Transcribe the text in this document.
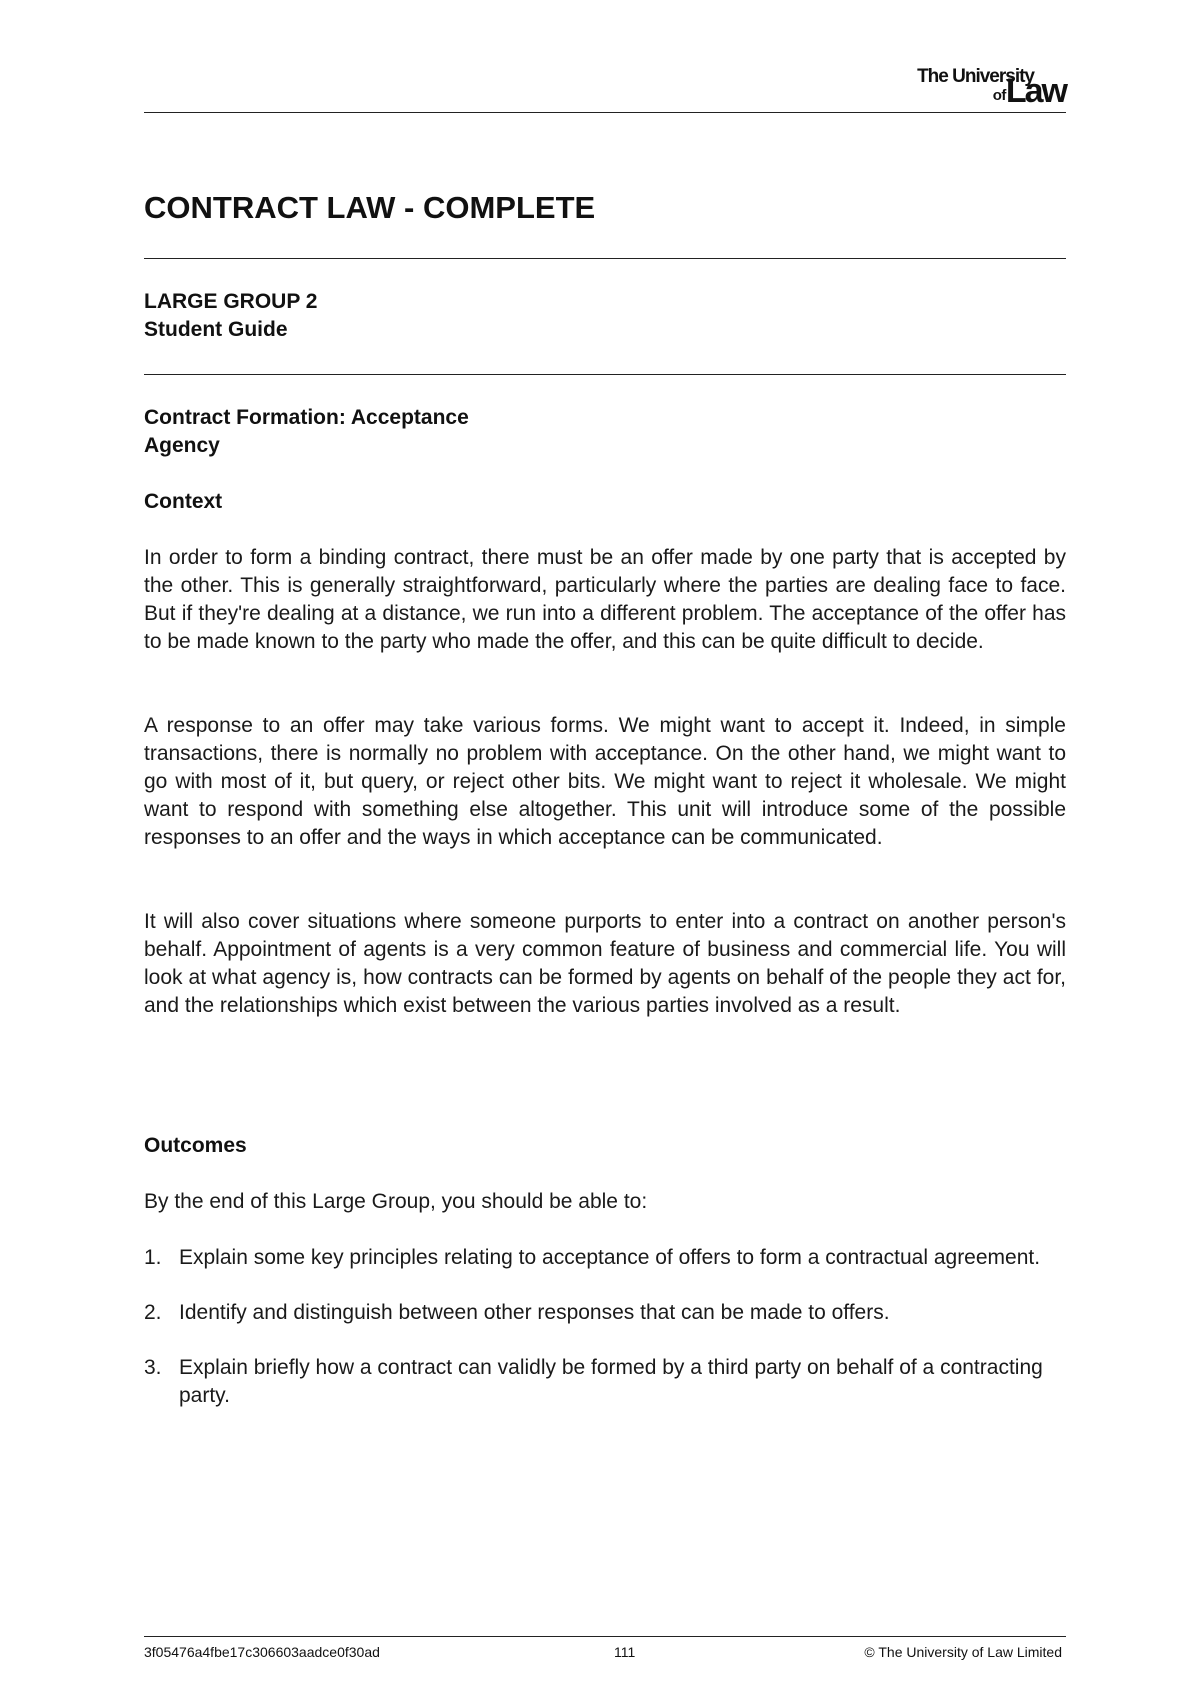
The University
ofLaw
CONTRACT LAW - COMPLETE
LARGE GROUP 2
Student Guide
Contract Formation: Acceptance
Agency
Context

In order to form a binding contract, there must be an offer made by one party that is accepted by the other. This is generally straightforward, particularly where the parties are dealing face to face. But if they're dealing at a distance, we run into a different problem. The acceptance of the offer has to be made known to the party who made the offer, and this can be quite difficult to decide.

A response to an offer may take various forms. We might want to accept it. Indeed, in simple transactions, there is normally no problem with acceptance. On the other hand, we might want to go with most of it, but query, or reject other bits. We might want to reject it wholesale. We might want to respond with something else altogether. This unit will introduce some of the possible responses to an offer and the ways in which acceptance can be communicated.

It will also cover situations where someone purports to enter into a contract on another person's behalf. Appointment of agents is a very common feature of business and commercial life. You will look at what agency is, how contracts can be formed by agents on behalf of the people they act for, and the relationships which exist between the various parties involved as a result.

Outcomes

By the end of this Large Group, you should be able to:

1. Explain some key principles relating to acceptance of offers to form a contractual agreement.
2. Identify and distinguish between other responses that can be made to offers.
3. Explain briefly how a contract can validly be formed by a third party on behalf of a contracting party.
3f05476a4fbe17c306603aadce0f30ad	111	© The University of Law Limited
